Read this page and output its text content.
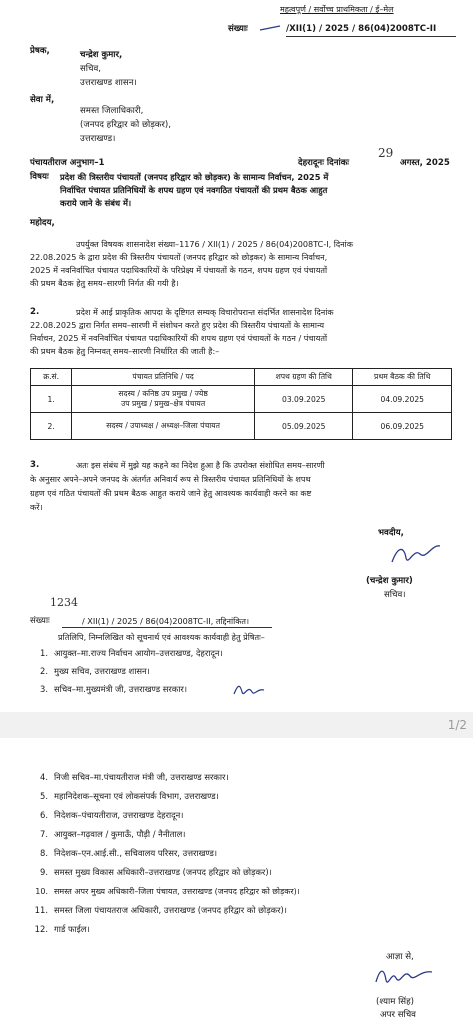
महत्वपूर्ण / सर्वोच्च प्राथमिकता / ई–मेल
संख्याः	/XII(1) / 2025 / 86(04)2008TC-II
प्रेषक,	चन्द्रेश कुमार,
सचिव,
उत्तराखण्ड शासन।
सेवा में,
समस्त जिलाधिकारी,
(जनपद हरिद्वार को छोड़कर),
उत्तराखण्ड।
पंचायतीराज अनुभाग–1	देहरादूनः दिनांकः
29
अगस्त, 2025
विषयः प्रदेश की त्रिस्तरीय पंचायतों (जनपद हरिद्वार को छोड़कर) के सामान्य निर्वाचन, 2025 में
निर्वाचित पंचायत प्रतिनिधियों के शपथ ग्रहण एवं नवगठित पंचायतों की प्रथम बैठक आहुत
कराये जाने के संबंध में।
महोदय,
उपर्युक्त विषयक शासनादेश संख्या–1176 / XII(1) / 2025 / 86(04)2008TC-I, दिनांक
22.08.2025 के द्वारा प्रदेश की त्रिस्तरीय पंचायतों (जनपद हरिद्वार को छोड़कर) के सामान्य निर्वाचन,
2025 में नवनिर्वाचित पंचायत पदाधिकारियों के परिप्रेक्ष्य में पंचायतों के गठन, शपथ ग्रहण एवं पंचायतों
की प्रथम बैठक हेतु समय–सारणी निर्गत की गयी है।
2.	प्रदेश में आई प्राकृतिक आपदा के दृष्टिगत सम्यक् विचारोपरान्त संदर्भित शासनादेश दिनांक
22.08.2025 द्वारा निर्गत समय–सारणी में संशोधन करते हुए प्रदेश की त्रिस्तरीय पंचायतों के सामान्य
निर्वाचन, 2025 में नवनिर्वाचित पंचायत पदाधिकारियों की शपथ ग्रहण एवं पंचायतों के गठन / पंचायतों
की प्रथम बैठक हेतु निम्नवत् समय–सारणी निर्धारित की जाती है:–
क्र.सं.	पंचायत प्रतिनिधि / पद	शपथ ग्रहण की तिथि	प्रथम बैठक की तिथि
1.	सदस्य / कनिष्ठ उप प्रमुख / ज्येष्ठ
उप प्रमुख / प्रमुख–क्षेत्र पंचायत	03.09.2025	04.09.2025
2.	सदस्य / उपाध्यक्ष / अध्यक्ष–जिला पंचायत	05.09.2025	06.09.2025
3.	अतः इस संबंध में मुझे यह कहने का निदेश हुआ है कि उपरोक्त संशोधित समय–सारणी
के अनुसार अपने–अपने जनपद के अंतर्गत अनिवार्य रूप से त्रिस्तरीय पंचायत प्रतिनिधियों के शपथ
ग्रहण एवं गठित पंचायतों की प्रथम बैठक आहुत कराये जाने हेतु आवश्यक कार्यवाही करने का कष्ट
करें।
भवदीय,
(चन्द्रेश कुमार)
सचिव।
1234
संख्याः	/ XII(1) / 2025 / 86(04)2008TC-II, तद्दिनांकित।
प्रतिलिपि, निम्नलिखित को सूचनार्थ एवं आवश्यक कार्यवाही हेतु प्रेषितः–
1. आयुक्त–मा.राज्य निर्वाचन आयोग–उत्तराखण्ड, देहरादून।
2. मुख्य सचिव, उत्तराखण्ड शासन।
3. सचिव–मा.मुख्यमंत्री जी, उत्तराखण्ड सरकार।
1/2
4. निजी सचिव–मा.पंचायतीराज मंत्री जी, उत्तराखण्ड सरकार।
5. महानिदेशक–सूचना एवं लोकसंपर्क विभाग, उत्तराखण्ड।
6. निदेशक–पंचायतीराज, उत्तराखण्ड देहरादून।
7. आयुक्त–गढ़वाल / कुमाऊँ, पौड़ी / नैनीताल।
8. निदेशक–एन.आई.सी., सचिवालय परिसर, उत्तराखण्ड।
9. समस्त मुख्य विकास अधिकारी–उत्तराखण्ड (जनपद हरिद्वार को छोड़कर)।
10. समस्त अपर मुख्य अधिकारी–जिला पंचायत, उत्तराखण्ड (जनपद हरिद्वार को छोड़कर)।
11. समस्त जिला पंचायतराज अधिकारी, उत्तराखण्ड (जनपद हरिद्वार को छोड़कर)।
12. गार्ड फाईल।
आज्ञा से,
(श्याम सिंह)
अपर सचिव
